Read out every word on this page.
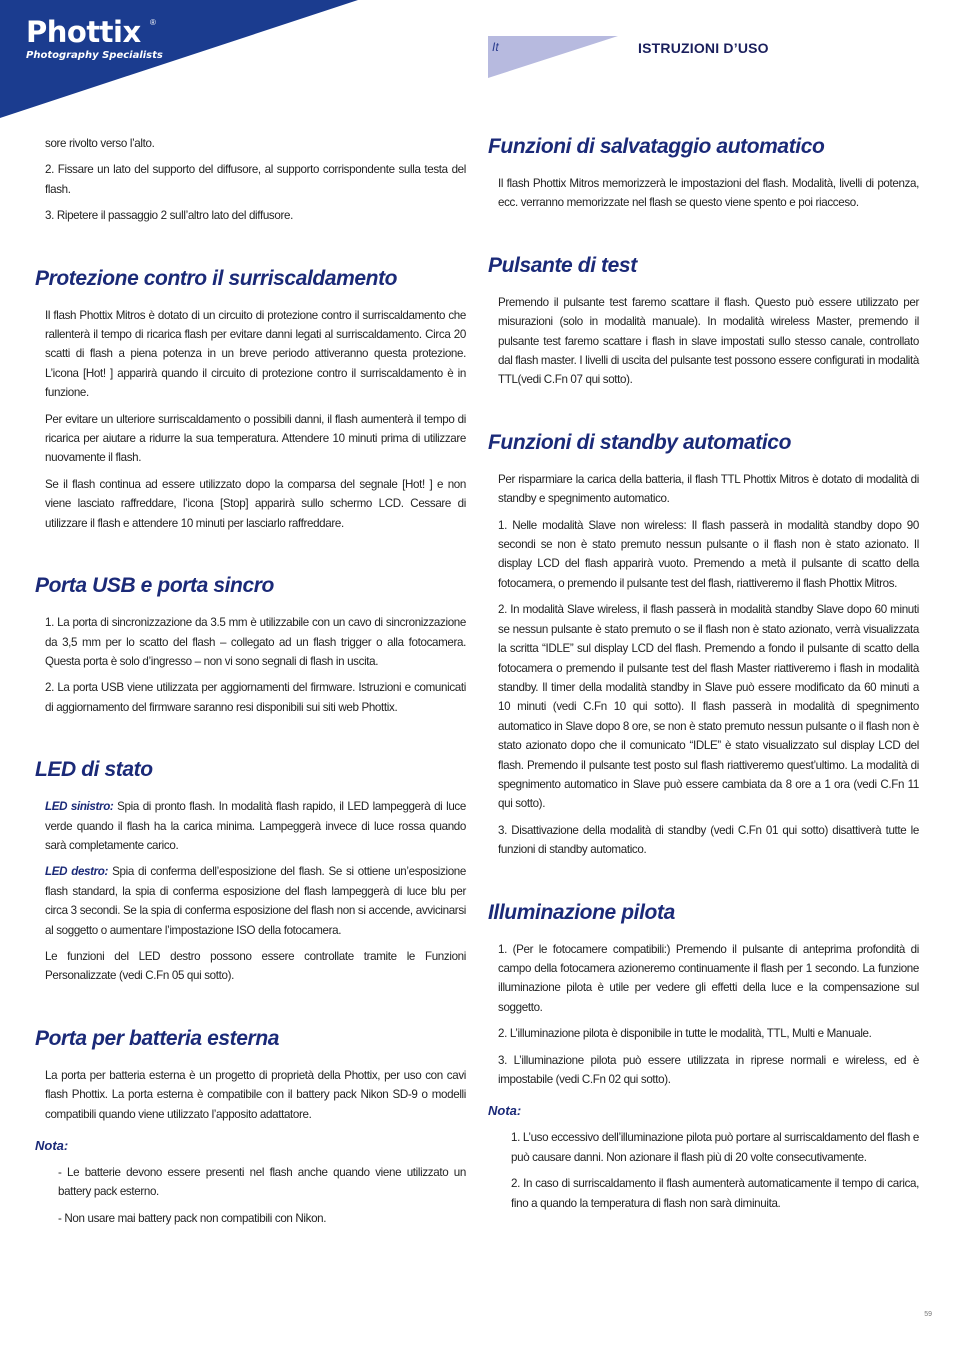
Phottix	®
Photography Specialists
It	ISTRUZIONI D’USO

sore rivolto verso l’alto.

2. Fissare un lato del supporto del diffusore, al supporto corrispondente sulla testa del flash.

3. Ripetere il passaggio 2 sull’altro lato del diffusore.

Protezione contro il surriscaldamento

Il flash Phottix Mitros è dotato di un circuito di protezione contro il surriscaldamento che rallenterà il tempo di ricarica flash per evitare danni legati al surriscaldamento. Circa 20 scatti di flash a piena potenza in un breve periodo attiveranno questa protezione. L’icona [Hot! ] apparirà quando il circuito di protezione contro il surriscaldamento è in funzione.

Per evitare un ulteriore surriscaldamento o possibili danni, il flash aumenterà il tempo di ricarica per aiutare a ridurre la sua temperatura. Attendere 10 minuti prima di utilizzare nuovamente il flash.

Se il flash continua ad essere utilizzato dopo la comparsa del segnale [Hot! ] e non viene lasciato raffreddare, l’icona [Stop] apparirà sullo schermo LCD. Cessare di utilizzare il flash e attendere 10 minuti per lasciarlo raffreddare.

Porta USB e porta sincro

1. La porta di sincronizzazione da 3.5 mm è utilizzabile con un cavo di sincronizzazione da 3,5 mm per lo scatto del flash – collegato ad un flash trigger o alla fotocamera. Questa porta è solo d’ingresso – non vi sono segnali di flash in uscita.

2. La porta USB viene utilizzata per aggiornamenti del firmware. Istruzioni e comunicati di aggiornamento del firmware saranno resi disponibili sui siti web Phottix.

LED di stato

LED sinistro: Spia di pronto flash. In modalità flash rapido, il LED lampeggerà di luce verde quando il flash ha la carica minima. Lampeggerà invece di luce rossa quando sarà completamente carico.

LED destro: Spia di conferma dell’esposizione del flash. Se si ottiene un’esposizione flash standard, la spia di conferma esposizione del flash lampeggerà di luce blu per circa 3 secondi. Se la spia di conferma esposizione del flash non si accende, avvicinarsi al soggetto o aumentare l’impostazione ISO della fotocamera.

Le funzioni del LED destro possono essere controllate tramite le Funzioni Personalizzate (vedi C.Fn 05 qui sotto).

Porta per batteria esterna

La porta per batteria esterna è un progetto di proprietà della Phottix, per uso con cavi flash Phottix. La porta esterna è compatibile con il battery pack Nikon SD-9 o modelli compatibili quando viene utilizzato l’apposito adattatore.

Nota:

- Le batterie devono essere presenti nel flash anche quando viene utilizzato un battery pack esterno.

- Non usare mai battery pack non compatibili con Nikon.

Funzioni di salvataggio automatico

Il flash Phottix Mitros memorizzerà le impostazioni del flash. Modalità, livelli di potenza, ecc. verranno memorizzate nel flash se questo viene spento e poi riacceso.

Pulsante di test

Premendo il pulsante test faremo scattare il flash. Questo può essere utilizzato per misurazioni (solo in modalità manuale). In modalità wireless Master, premendo il pulsante test faremo scattare i flash in slave impostati sullo stesso canale, controllato dal flash master. I livelli di uscita del pulsante test possono essere configurati in modalità TTL(vedi C.Fn 07 qui sotto).

Funzioni di standby automatico

Per risparmiare la carica della batteria, il flash TTL Phottix Mitros è dotato di modalità di standby e spegnimento automatico.

1. Nelle modalità Slave non wireless: Il flash passerà in modalità standby dopo 90 secondi se non è stato premuto nessun pulsante o il flash non è stato azionato. Il display LCD del flash apparirà vuoto. Premendo a metà il pulsante di scatto della fotocamera, o premendo il pulsante test del flash, riattiveremo il flash Phottix Mitros.

2. In modalità Slave wireless, il flash passerà in modalità standby Slave dopo 60 minuti se nessun pulsante è stato premuto o se il flash non è stato azionato, verrà visualizzata la scritta “IDLE” sul display LCD del flash. Premendo a fondo il pulsante di scatto della fotocamera o premendo il pulsante test del flash Master riattiveremo i flash in modalità standby. Il timer della modalità standby in Slave può essere modificato da 60 minuti a 10 minuti (vedi C.Fn 10 qui sotto). Il flash passerà in modalità di spegnimento automatico in Slave dopo 8 ore, se non è stato premuto nessun pulsante o il flash non è stato azionato dopo che il comunicato “IDLE” è stato visualizzato sul display LCD del flash. Premendo il pulsante test posto sul flash riattiveremo quest’ultimo. La modalità di spegnimento automatico in Slave può essere cambiata da 8 ore a 1 ora (vedi C.Fn 11 qui sotto).

3. Disattivazione della modalità di standby (vedi C.Fn 01 qui sotto) disattiverà tutte le funzioni di standby automatico.

Illuminazione pilota

1. (Per le fotocamere compatibili:) Premendo il pulsante di anteprima profondità di campo della fotocamera azioneremo continuamente il flash per 1 secondo. La funzione illuminazione pilota è utile per vedere gli effetti della luce e la compensazione sul soggetto.

2. L’illuminazione pilota è disponibile in tutte le modalità, TTL, Multi e Manuale.

3. L’illuminazione pilota può essere utilizzata in riprese normali e wireless, ed è impostabile (vedi C.Fn 02 qui sotto).

Nota:

1. L’uso eccessivo dell’illuminazione pilota può portare al surriscaldamento del flash e può causare danni. Non azionare il flash più di 20 volte consecutivamente.

2. In caso di surriscaldamento il flash aumenterà automaticamente il tempo di carica, fino a quando la temperatura di flash non sarà diminuita.

59
